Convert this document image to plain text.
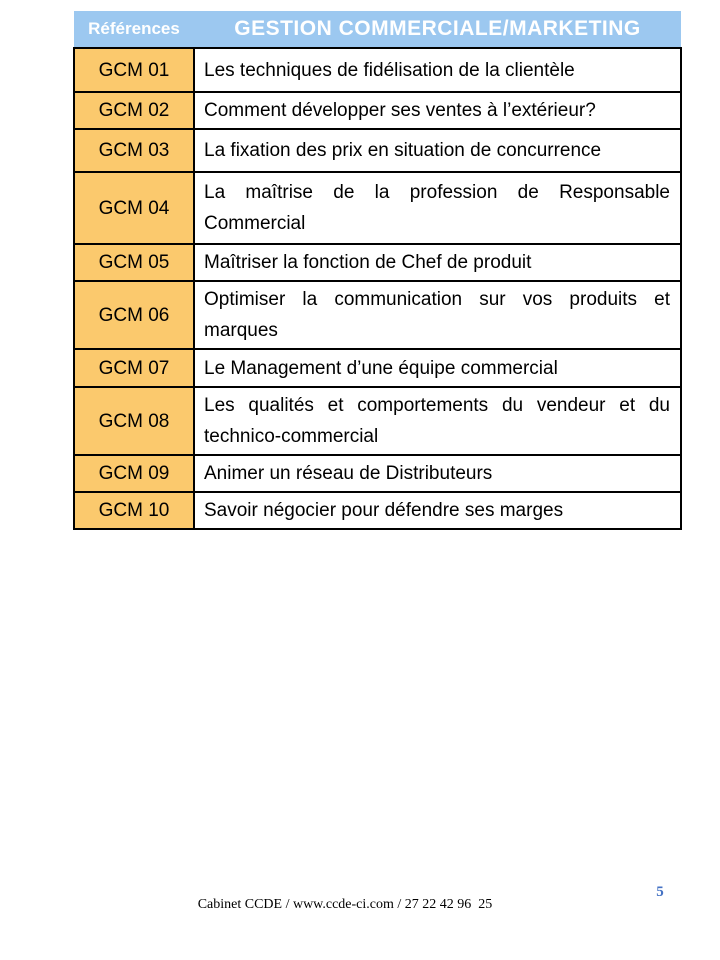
Références	GESTION COMMERCIALE/MARKETING
GCM 01	Les techniques de fidélisation de la clientèle
GCM 02	Comment développer ses ventes à l’extérieur?
GCM 03	La fixation des prix en situation de concurrence
GCM 04	La maîtrise de la profession de Responsable Commercial
GCM 05	Maîtriser la fonction de Chef de produit
GCM 06	Optimiser la communication sur vos produits et marques
GCM 07	Le Management d’une équipe commercial
GCM 08	Les qualités et comportements du vendeur et du technico-commercial
GCM 09	Animer un réseau de Distributeurs
GCM 10	Savoir négocier pour défendre ses marges
Cabinet CCDE / www.ccde-ci.com / 27 22 42 96  25
5
